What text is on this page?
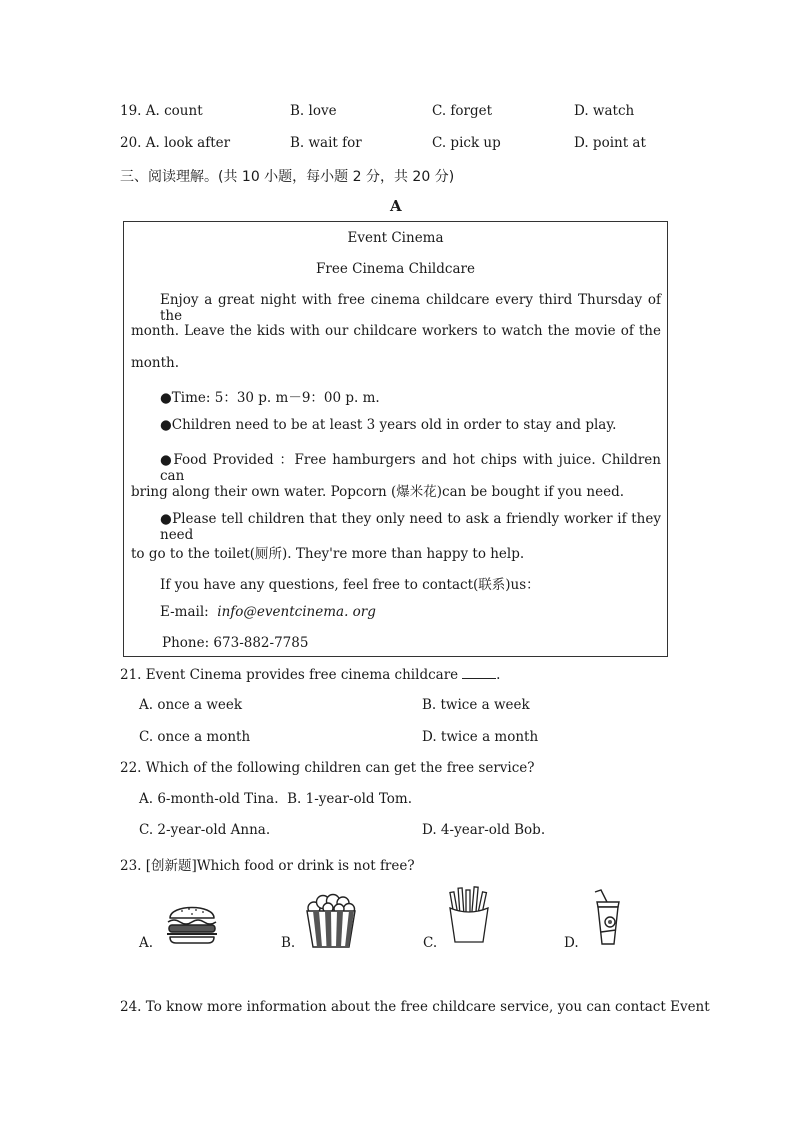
19. A. count	B. love	C. forget	D. watch
20. A. look after	B. wait for	C. pick up	D. point at
三、阅读理解。(共 10 小题，每小题 2 分，共 20 分)
A
Event Cinema
Free Cinema Childcare
Enjoy a great night with free cinema childcare every third Thursday of the
month. Leave the kids with our childcare workers to watch the movie of the
month.
●Time: 5：30 p. m－9：00 p. m.
●Children need to be at least 3 years old in order to stay and play.
●Food Provided ：Free hamburgers and hot chips with juice. Children can
bring along their own water. Popcorn (爆米花)can be bought if you need.
●Please tell children that they only need to ask a friendly worker if they need
to go to the toilet(厕所). They're more than happy to help.
If you have any questions, feel free to contact(联系)us：
E-mail: info@eventcinema. org
Phone: 673-882-7785
21. Event Cinema provides free cinema childcare	.
A. once a week	B. twice a week
C. once a month	D. twice a month
22. Which of the following children can get the free service?
A. 6-month-old Tina. B. 1-year-old Tom.
C. 2-year-old Anna.	D. 4-year-old Bob.
23. [创新题]Which food or drink is not free?
A.	B.	C.	D.
24. To know more information about the free childcare service, you can contact Event
